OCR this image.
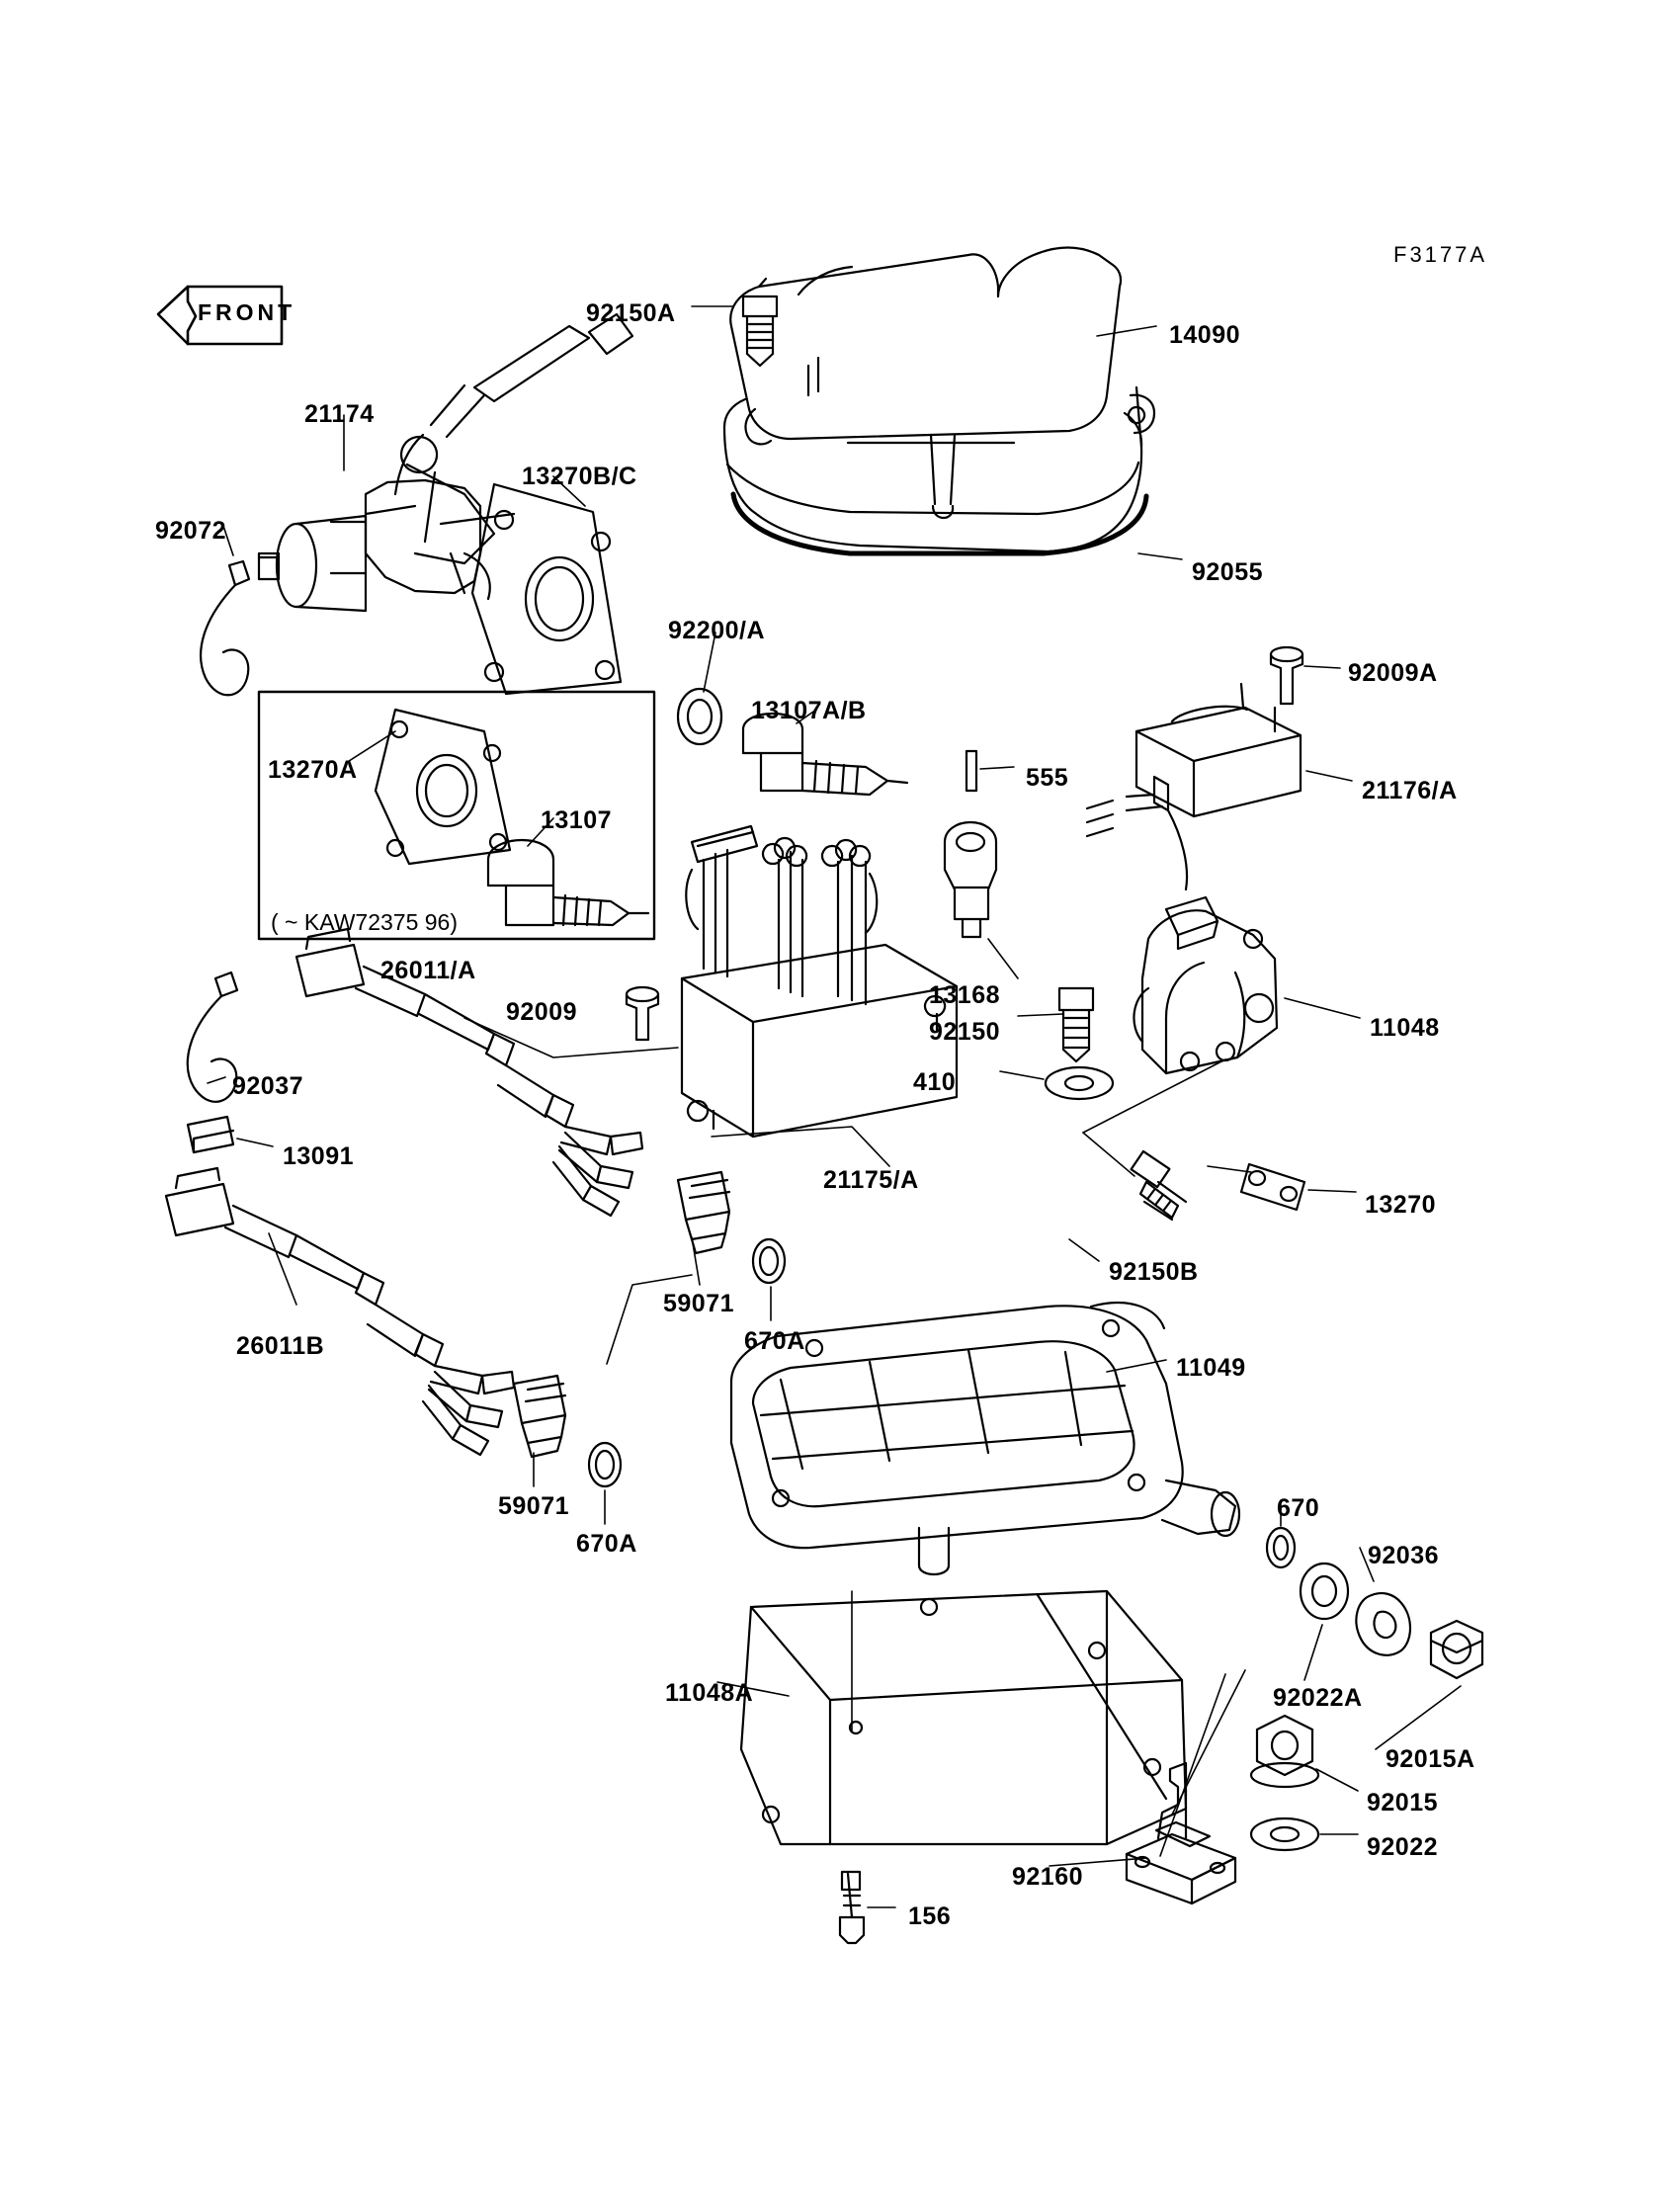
F3177A
FRONT
( ~ KAW72375 96)
92150A
14090
21174
13270B/C
92072
92055
92200/A
92009A
13107A/B
555
13270A
21176/A
13107
26011/A
92009
13168
92150	11048
410
92037
13091
21175/A
13270
59071
670A
92150B
26011B
11049
59071
670A
670
92036
92022A
11048A
92015A
92015
92022
92160
156
